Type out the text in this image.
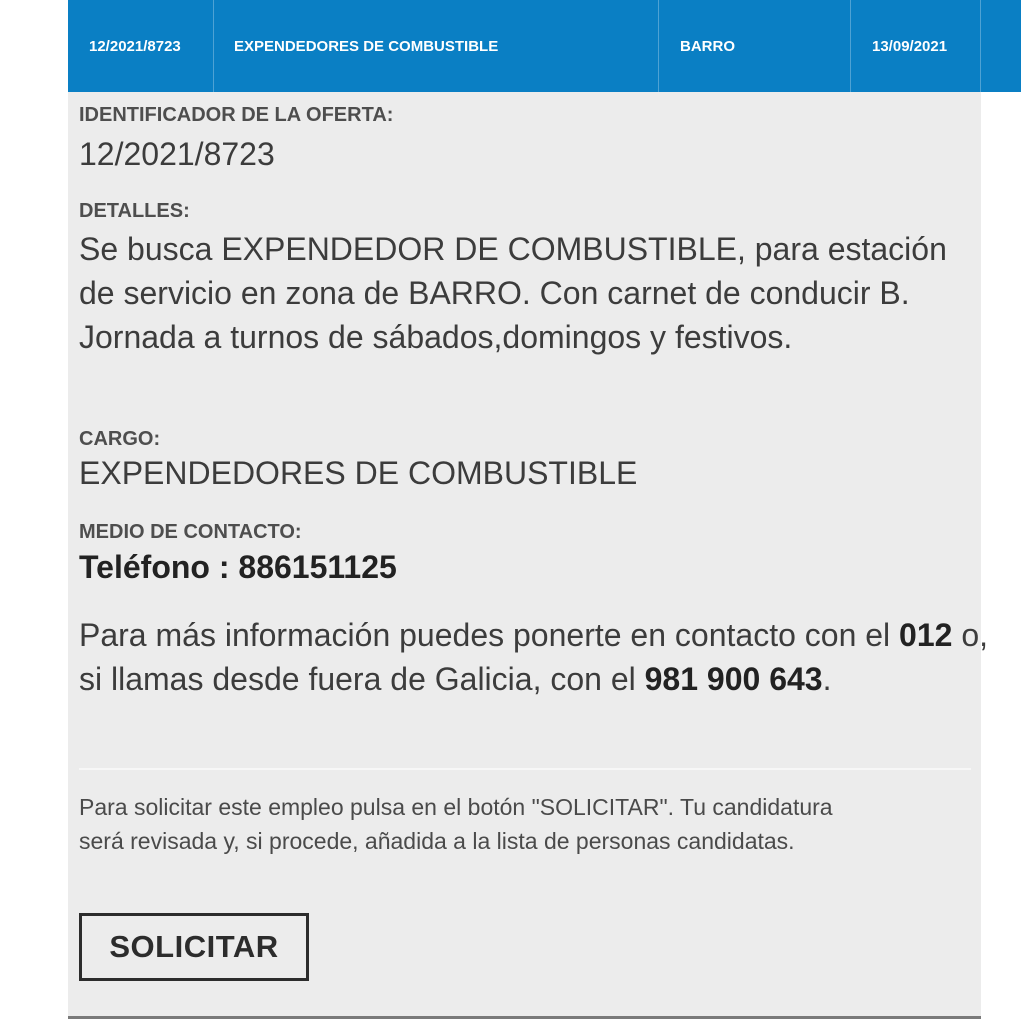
12/2021/8723	EXPENDEDORES DE COMBUSTIBLE	BARRO	13/09/2021
IDENTIFICADOR DE LA OFERTA:
12/2021/8723
DETALLES:
Se busca EXPENDEDOR DE COMBUSTIBLE, para estación de servicio en zona de BARRO. Con carnet de conducir B. Jornada a turnos de sábados,domingos y festivos.
CARGO:
EXPENDEDORES DE COMBUSTIBLE
MEDIO DE CONTACTO:
Teléfono : 886151125
Para más información puedes ponerte en contacto con el 012 o, si llamas desde fuera de Galicia, con el 981 900 643.
Para solicitar este empleo pulsa en el botón "SOLICITAR". Tu candidatura será revisada y, si procede, añadida a la lista de personas candidatas.
SOLICITAR
